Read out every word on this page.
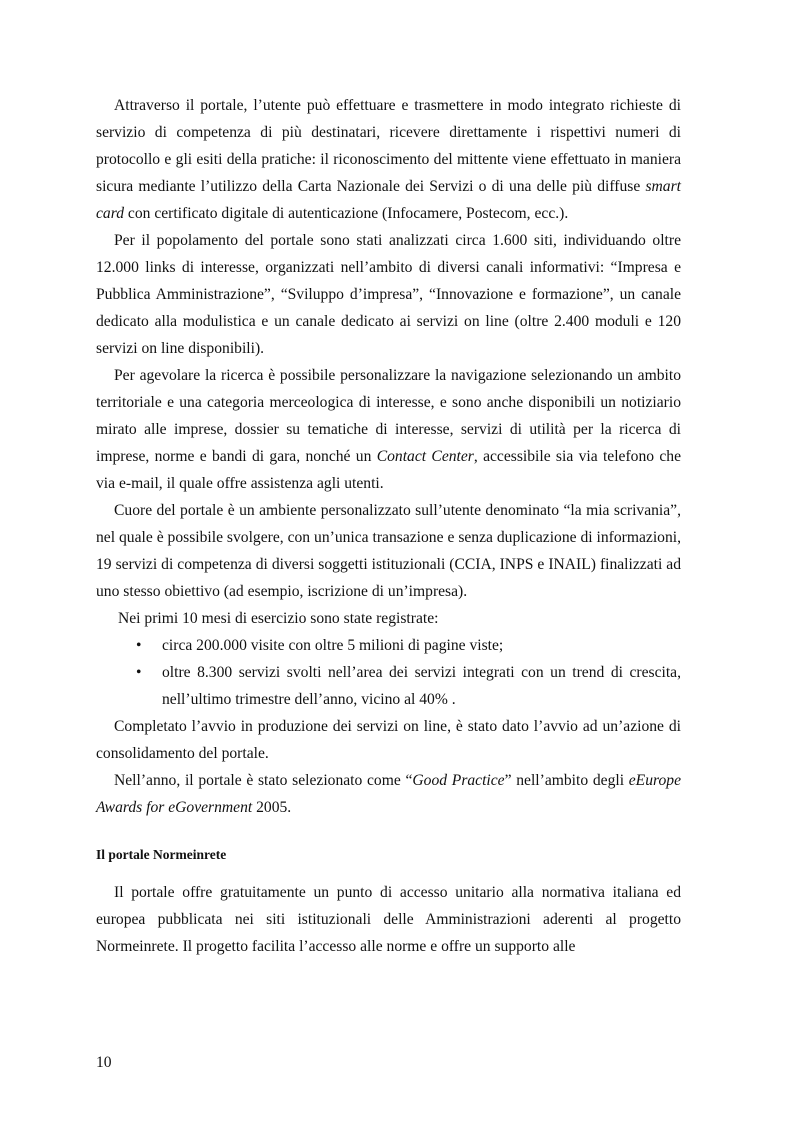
Attraverso il portale, l’utente può effettuare e trasmettere in modo integrato richieste di servizio di competenza di più destinatari, ricevere direttamente i rispettivi numeri di protocollo e gli esiti della pratiche: il riconoscimento del mittente viene effettuato in maniera sicura mediante l’utilizzo della Carta Nazionale dei Servizi o di una delle più diffuse smart card con certificato digitale di autenticazione (Infocamere, Postecom, ecc.).

Per il popolamento del portale sono stati analizzati circa 1.600 siti, individuando oltre 12.000 links di interesse, organizzati nell’ambito di diversi canali informativi: “Impresa e Pubblica Amministrazione”, “Sviluppo d’impresa”, “Innovazione e formazione”, un canale dedicato alla modulistica e un canale dedicato ai servizi on line (oltre 2.400 moduli e 120 servizi on line disponibili).

Per agevolare la ricerca è possibile personalizzare la navigazione selezionando un ambito territoriale e una categoria merceologica di interesse, e sono anche disponibili un notiziario mirato alle imprese, dossier su tematiche di interesse, servizi di utilità per la ricerca di imprese, norme e bandi di gara, nonché un Contact Center, accessibile sia via telefono che via e-mail, il quale offre assistenza agli utenti.

Cuore del portale è un ambiente personalizzato sull’utente denominato “la mia scrivania”, nel quale è possibile svolgere, con un’unica transazione e senza duplicazione di informazioni, 19 servizi di competenza di diversi soggetti istituzionali (CCIA, INPS e INAIL) finalizzati ad uno stesso obiettivo (ad esempio, iscrizione di un’impresa).

Nei primi 10 mesi di esercizio sono state registrate:

• circa 200.000 visite con oltre 5 milioni di pagine viste;
• oltre 8.300 servizi svolti nell’area dei servizi integrati con un trend di crescita, nell’ultimo trimestre dell’anno, vicino al 40% .

Completato l’avvio in produzione dei servizi on line, è stato dato l’avvio ad un’azione di consolidamento del portale.

Nell’anno, il portale è stato selezionato come “Good Practice” nell’ambito degli eEurope Awards for eGovernment 2005.

Il portale Normeinrete

Il portale offre gratuitamente un punto di accesso unitario alla normativa italiana ed europea pubblicata nei siti istituzionali delle Amministrazioni aderenti al progetto Normeinrete. Il progetto facilita l’accesso alle norme e offre un supporto alle

10
